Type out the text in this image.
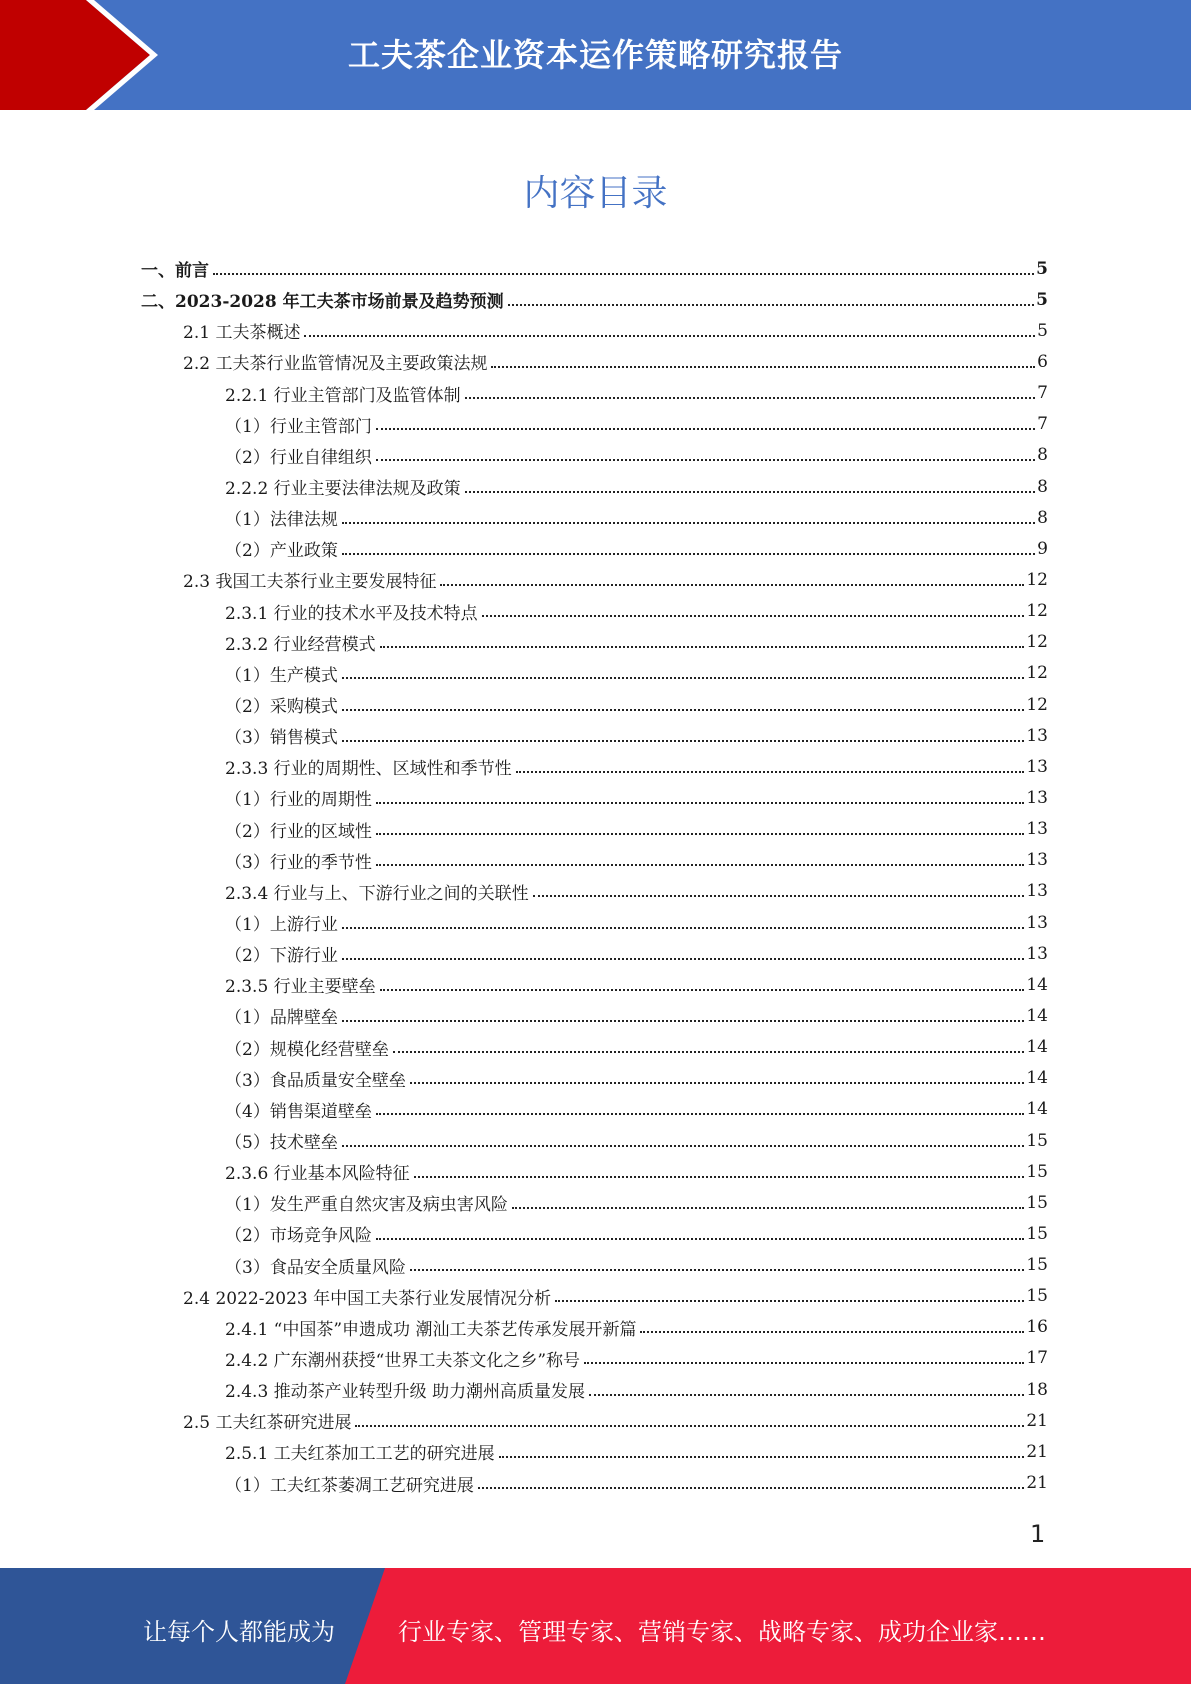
工夫茶企业资本运作策略研究报告
内容目录
一、前言	5
二、2023-2028 年工夫茶市场前景及趋势预测	5
2.1 工夫茶概述	5
2.2 工夫茶行业监管情况及主要政策法规	6
2.2.1 行业主管部门及监管体制	7
（1）行业主管部门	7
（2）行业自律组织	8
2.2.2 行业主要法律法规及政策	8
（1）法律法规	8
（2）产业政策	9
2.3 我国工夫茶行业主要发展特征	12
2.3.1 行业的技术水平及技术特点	12
2.3.2 行业经营模式	12
（1）生产模式	12
（2）采购模式	12
（3）销售模式	13
2.3.3 行业的周期性、区域性和季节性	13
（1）行业的周期性	13
（2）行业的区域性	13
（3）行业的季节性	13
2.3.4 行业与上、下游行业之间的关联性	13
（1）上游行业	13
（2）下游行业	13
2.3.5 行业主要壁垒	14
（1）品牌壁垒	14
（2）规模化经营壁垒	14
（3）食品质量安全壁垒	14
（4）销售渠道壁垒	14
（5）技术壁垒	15
2.3.6 行业基本风险特征	15
（1）发生严重自然灾害及病虫害风险	15
（2）市场竞争风险	15
（3）食品安全质量风险	15
2.4 2022-2023 年中国工夫茶行业发展情况分析	15
2.4.1 “中国茶”申遗成功 潮汕工夫茶艺传承发展开新篇	16
2.4.2 广东潮州获授“世界工夫茶文化之乡”称号	17
2.4.3 推动茶产业转型升级 助力潮州高质量发展	18
2.5 工夫红茶研究进展	21
2.5.1 工夫红茶加工工艺的研究进展	21
（1）工夫红茶萎凋工艺研究进展	21
1
让每个人都能成为	行业专家、管理专家、营销专家、战略专家、成功企业家……
